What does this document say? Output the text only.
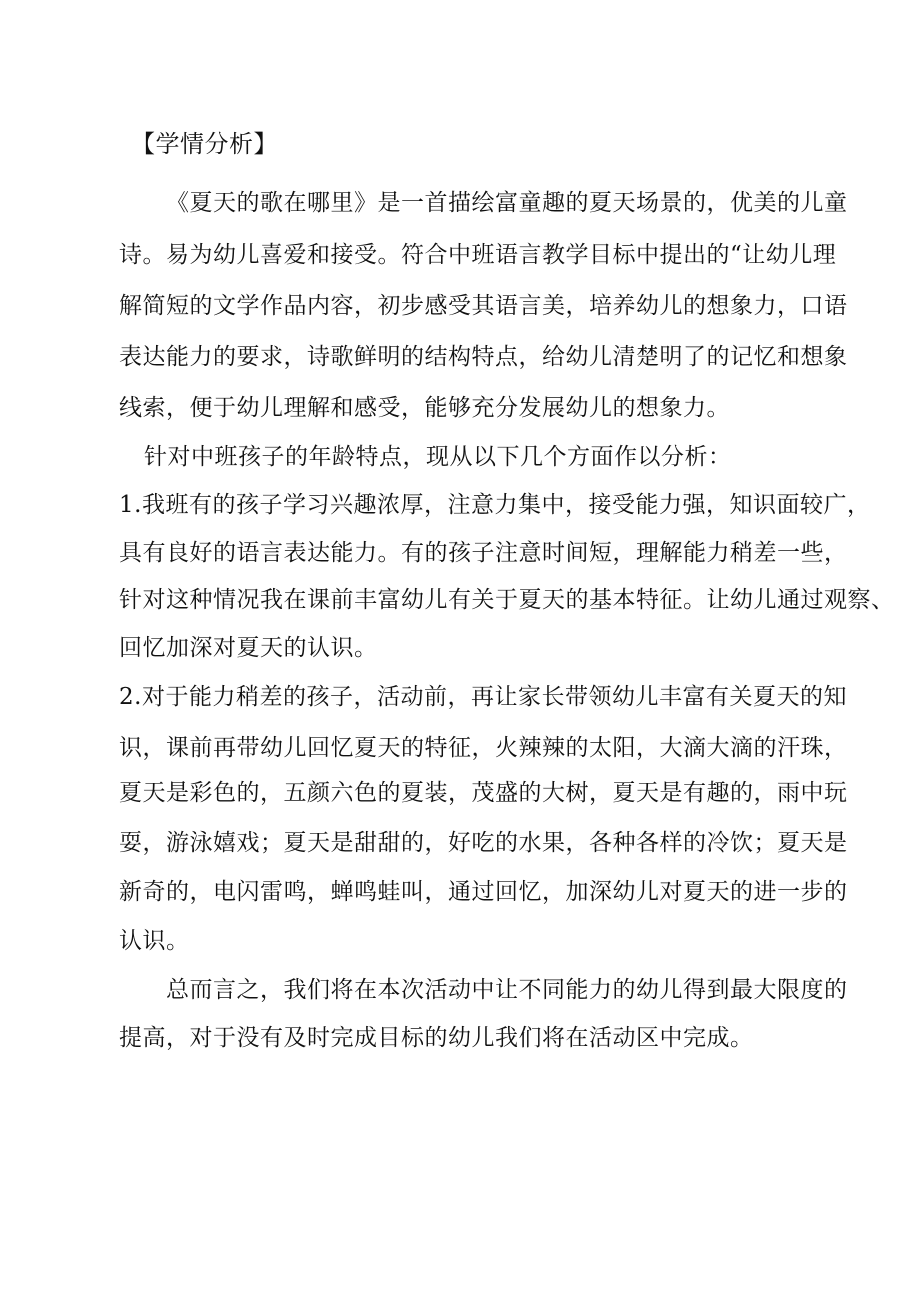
【学情分析】
《夏天的歌在哪里》是一首描绘富童趣的夏天场景的，优美的儿童
诗。易为幼儿喜爱和接受。符合中班语言教学目标中提出的“让幼儿理
解简短的文学作品内容，初步感受其语言美，培养幼儿的想象力，口语
表达能力的要求，诗歌鲜明的结构特点，给幼儿清楚明了的记忆和想象
线索，便于幼儿理解和感受，能够充分发展幼儿的想象力。
针对中班孩子的年龄特点，现从以下几个方面作以分析：
1.我班有的孩子学习兴趣浓厚，注意力集中，接受能力强，知识面较广，
具有良好的语言表达能力。有的孩子注意时间短，理解能力稍差一些，
针对这种情况我在课前丰富幼儿有关于夏天的基本特征。让幼儿通过观察、
回忆加深对夏天的认识。
2.对于能力稍差的孩子，活动前，再让家长带领幼儿丰富有关夏天的知
识，课前再带幼儿回忆夏天的特征，火辣辣的太阳，大滴大滴的汗珠，
夏天是彩色的，五颜六色的夏装，茂盛的大树，夏天是有趣的，雨中玩
耍，游泳嬉戏；夏天是甜甜的，好吃的水果，各种各样的冷饮；夏天是
新奇的，电闪雷鸣，蝉鸣蛙叫，通过回忆，加深幼儿对夏天的进一步的
认识。
总而言之，我们将在本次活动中让不同能力的幼儿得到最大限度的
提高，对于没有及时完成目标的幼儿我们将在活动区中完成。
